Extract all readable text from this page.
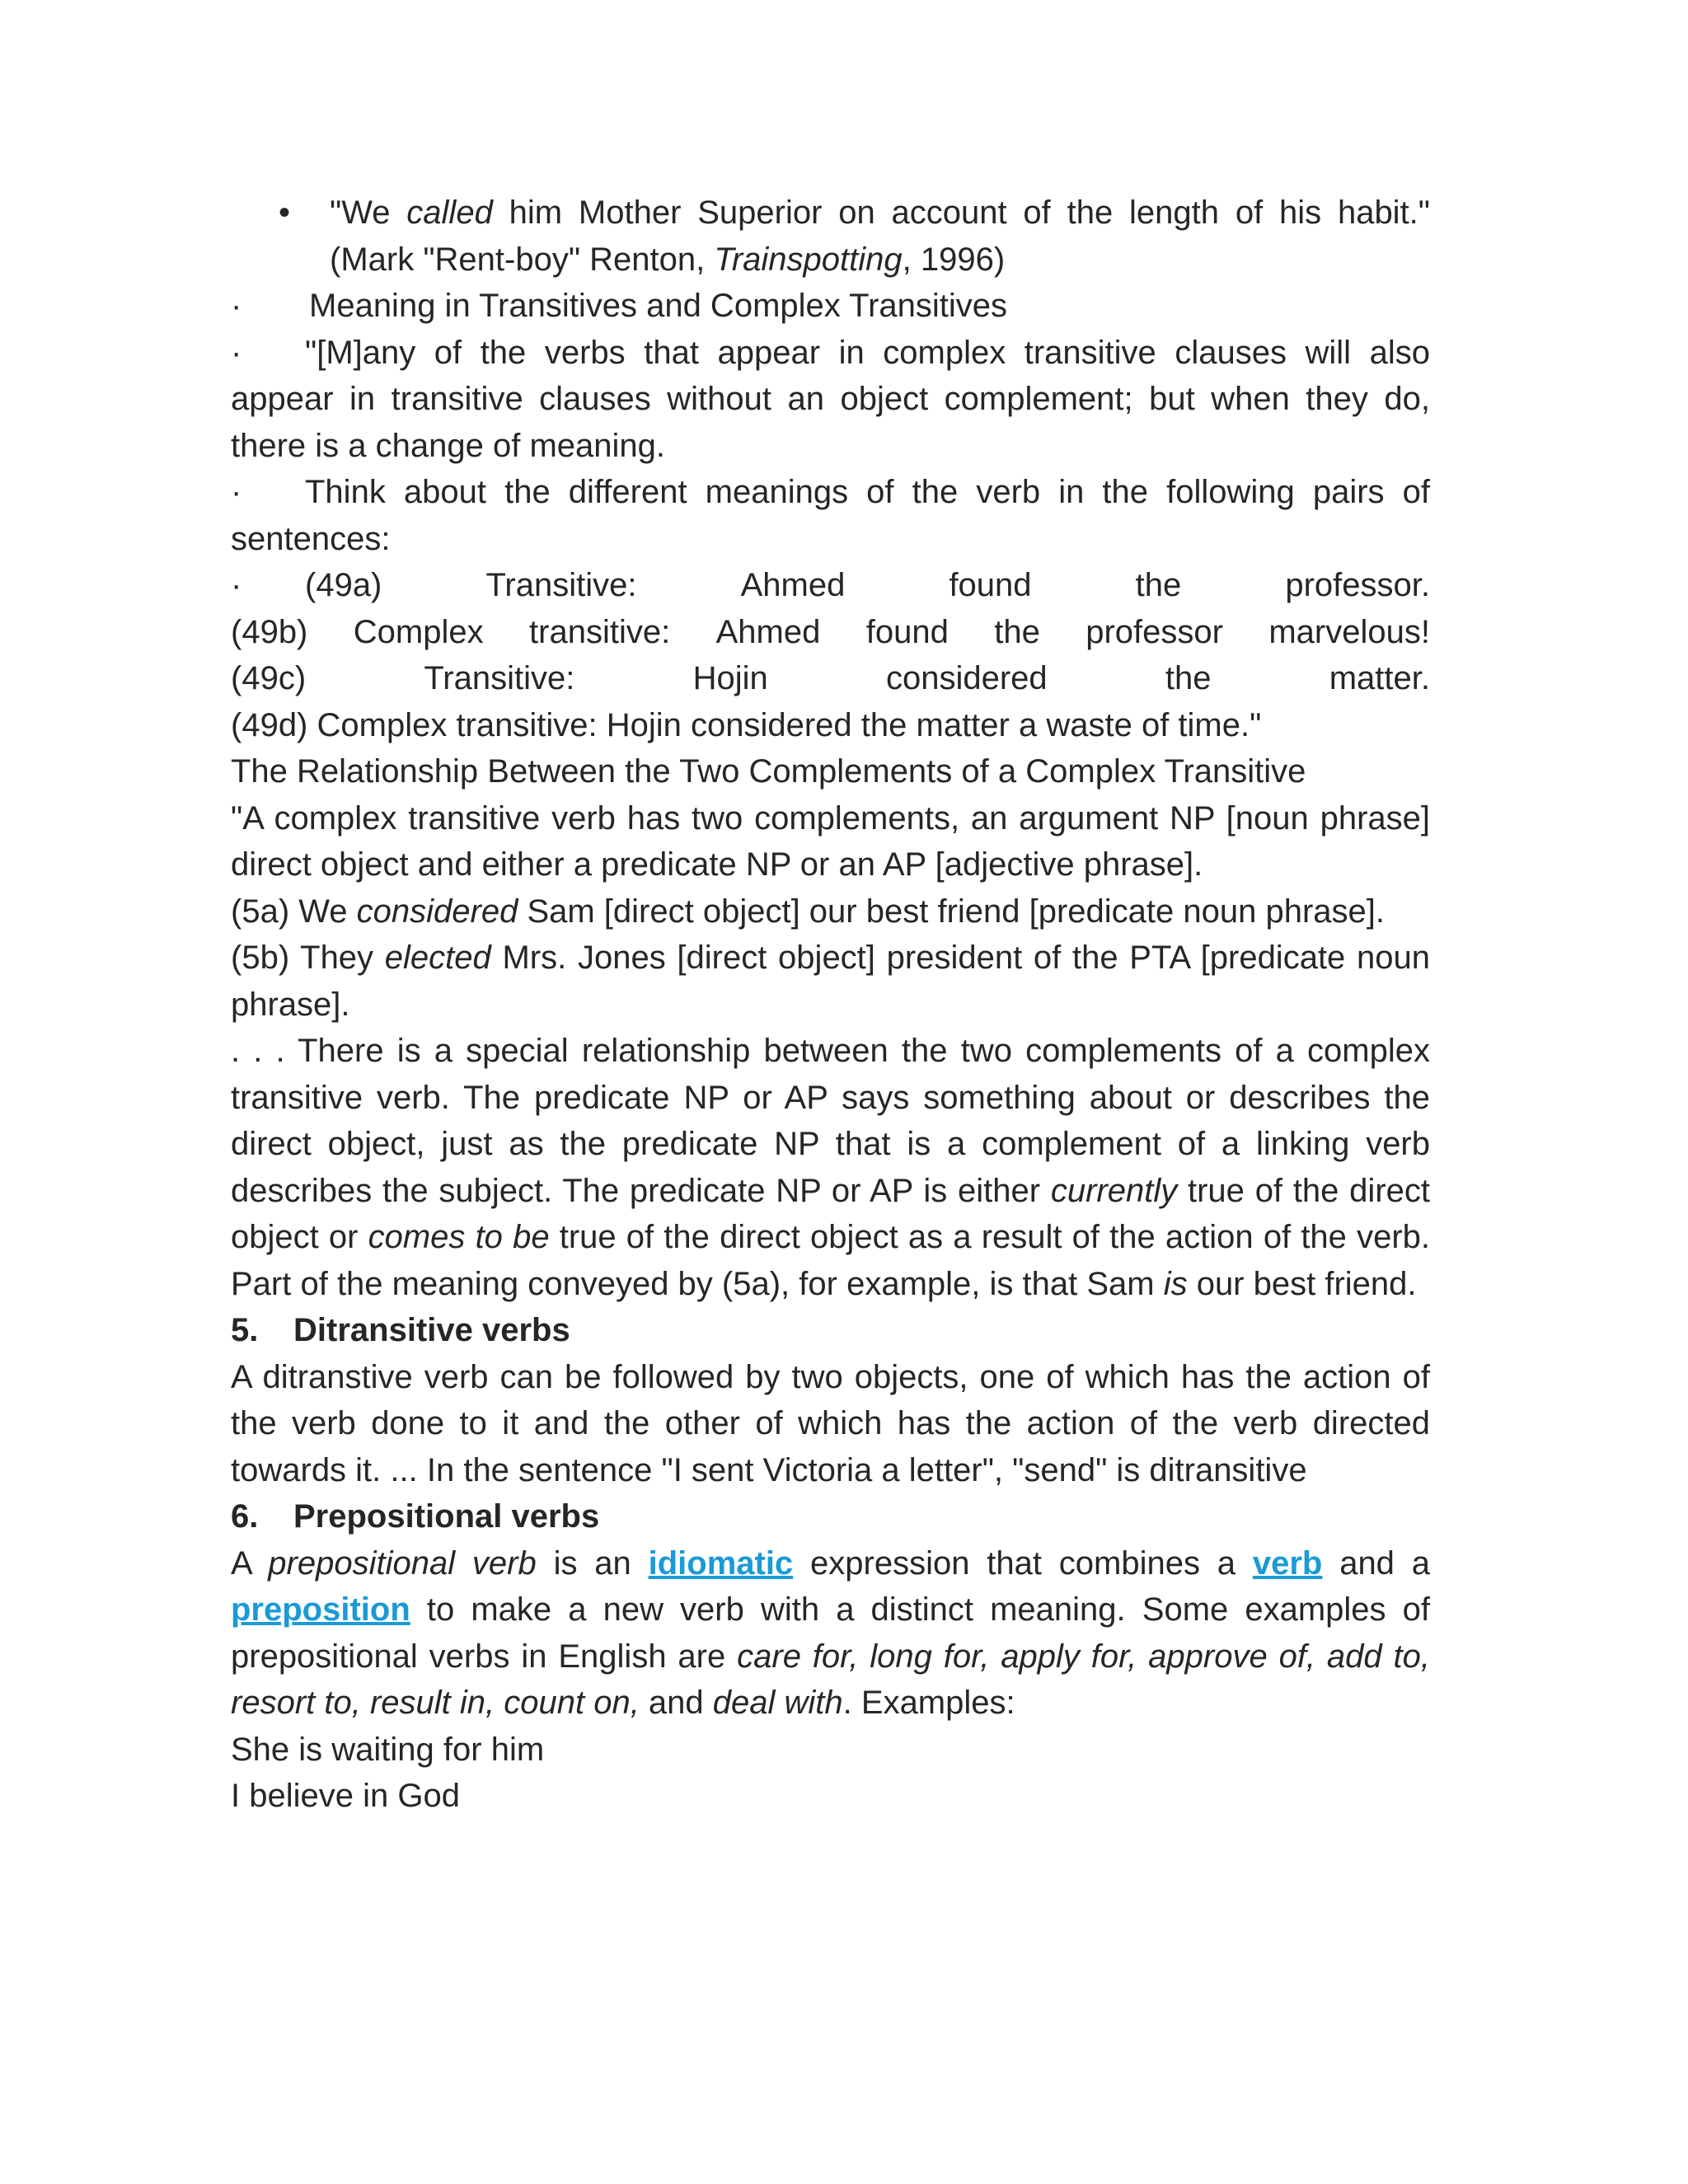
• "We called him Mother Superior on account of the length of his habit." (Mark "Rent-boy" Renton, Trainspotting, 1996)

· Meaning in Transitives and Complex Transitives

· "[M]any of the verbs that appear in complex transitive clauses will also appear in transitive clauses without an object complement; but when they do, there is a change of meaning.

· Think about the different meanings of the verb in the following pairs of sentences:

· (49a)	Transitive:	Ahmed	found	the	professor.
(49b) Complex transitive: Ahmed found the professor marvelous!
(49c)	Transitive:	Hojin	considered	the	matter.

(49d) Complex transitive: Hojin considered the matter a waste of time."

The Relationship Between the Two Complements of a Complex Transitive

"A complex transitive verb has two complements, an argument NP [noun phrase] direct object and either a predicate NP or an AP [adjective phrase].

(5a) We considered Sam [direct object] our best friend [predicate noun phrase].

(5b) They elected Mrs. Jones [direct object] president of the PTA [predicate noun phrase].

. . . There is a special relationship between the two complements of a complex transitive verb. The predicate NP or AP says something about or describes the direct object, just as the predicate NP that is a complement of a linking verb describes the subject. The predicate NP or AP is either currently true of the direct object or comes to be true of the direct object as a result of the action of the verb. Part of the meaning conveyed by (5a), for example, is that Sam is our best friend.

5. Ditransitive verbs

A ditranstive verb can be followed by two objects, one of which has the action of the verb done to it and the other of which has the action of the verb directed towards it. ... In the sentence "I sent Victoria a letter", "send" is ditransitive

6. Prepositional verbs

A prepositional verb is an idiomatic expression that combines a verb and a preposition to make a new verb with a distinct meaning. Some examples of prepositional verbs in English are care for, long for, apply for, approve of, add to, resort to, result in, count on, and deal with. Examples:

She is waiting for him

I believe in God
